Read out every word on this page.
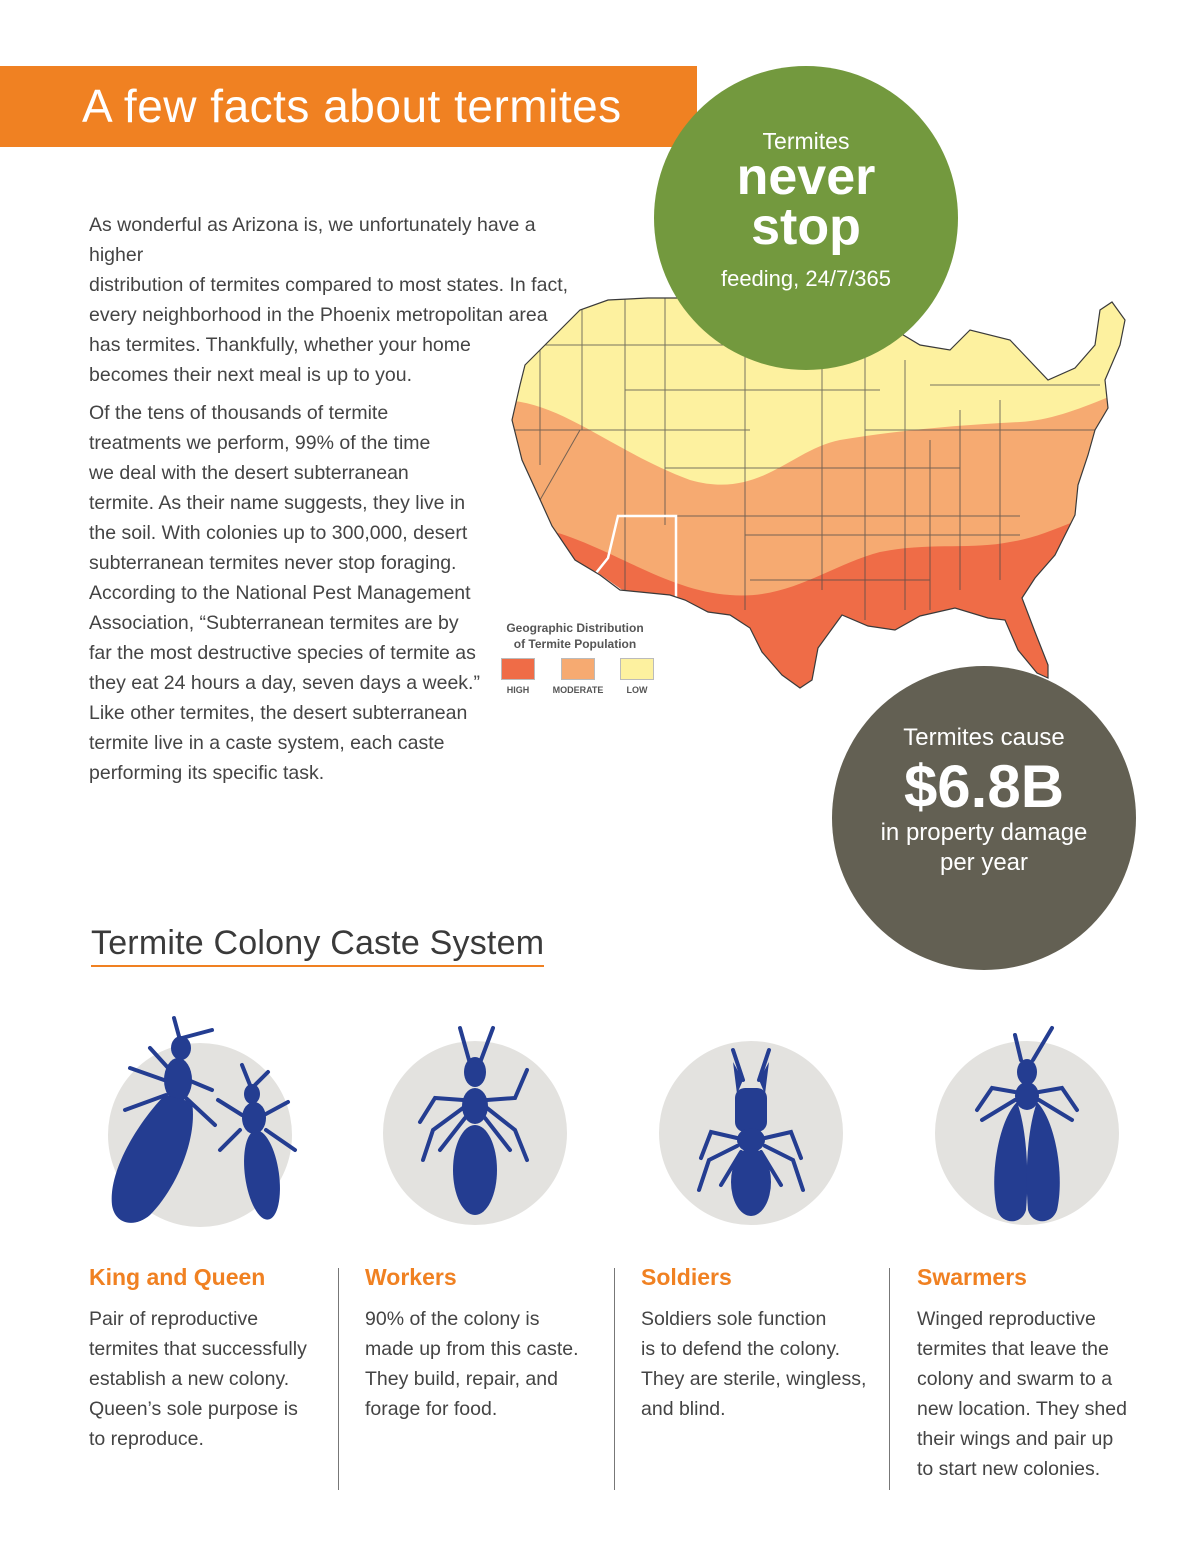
A few facts about termites

As wonderful as Arizona is, we unfortunately have a higher
distribution of termites compared to most states. In fact,
every neighborhood in the Phoenix metropolitan area
has termites. Thankfully, whether your home
becomes their next meal is up to you.

Of the tens of thousands of termite
treatments we perform, 99% of the time
we deal with the desert subterranean
termite. As their name suggests, they live in
the soil. With colonies up to 300,000, desert
subterranean termites never stop foraging.
According to the National Pest Management
Association, “Subterranean termites are by
far the most destructive species of termite as
they eat 24 hours a day, seven days a week.”
Like other termites, the desert subterranean
termite live in a caste system, each caste
performing its specific task.

Geographic Distribution
of Termite Population
HIGH	MODERATE	LOW
Termites
never
stop
feeding, 24/7/365
Termites cause
$6.8B
in property damage
per year
Termite Colony Caste System
King and Queen
Pair of reproductive
termites that successfully
establish a new colony.
Queen’s sole purpose is
to reproduce.
Workers
90% of the colony is
made up from this caste.
They build, repair, and
forage for food.
Soldiers
Soldiers sole function
is to defend the colony.
They are sterile, wingless,
and blind.
Swarmers
Winged reproductive
termites that leave the
colony and swarm to a
new location. They shed
their wings and pair up
to start new colonies.
